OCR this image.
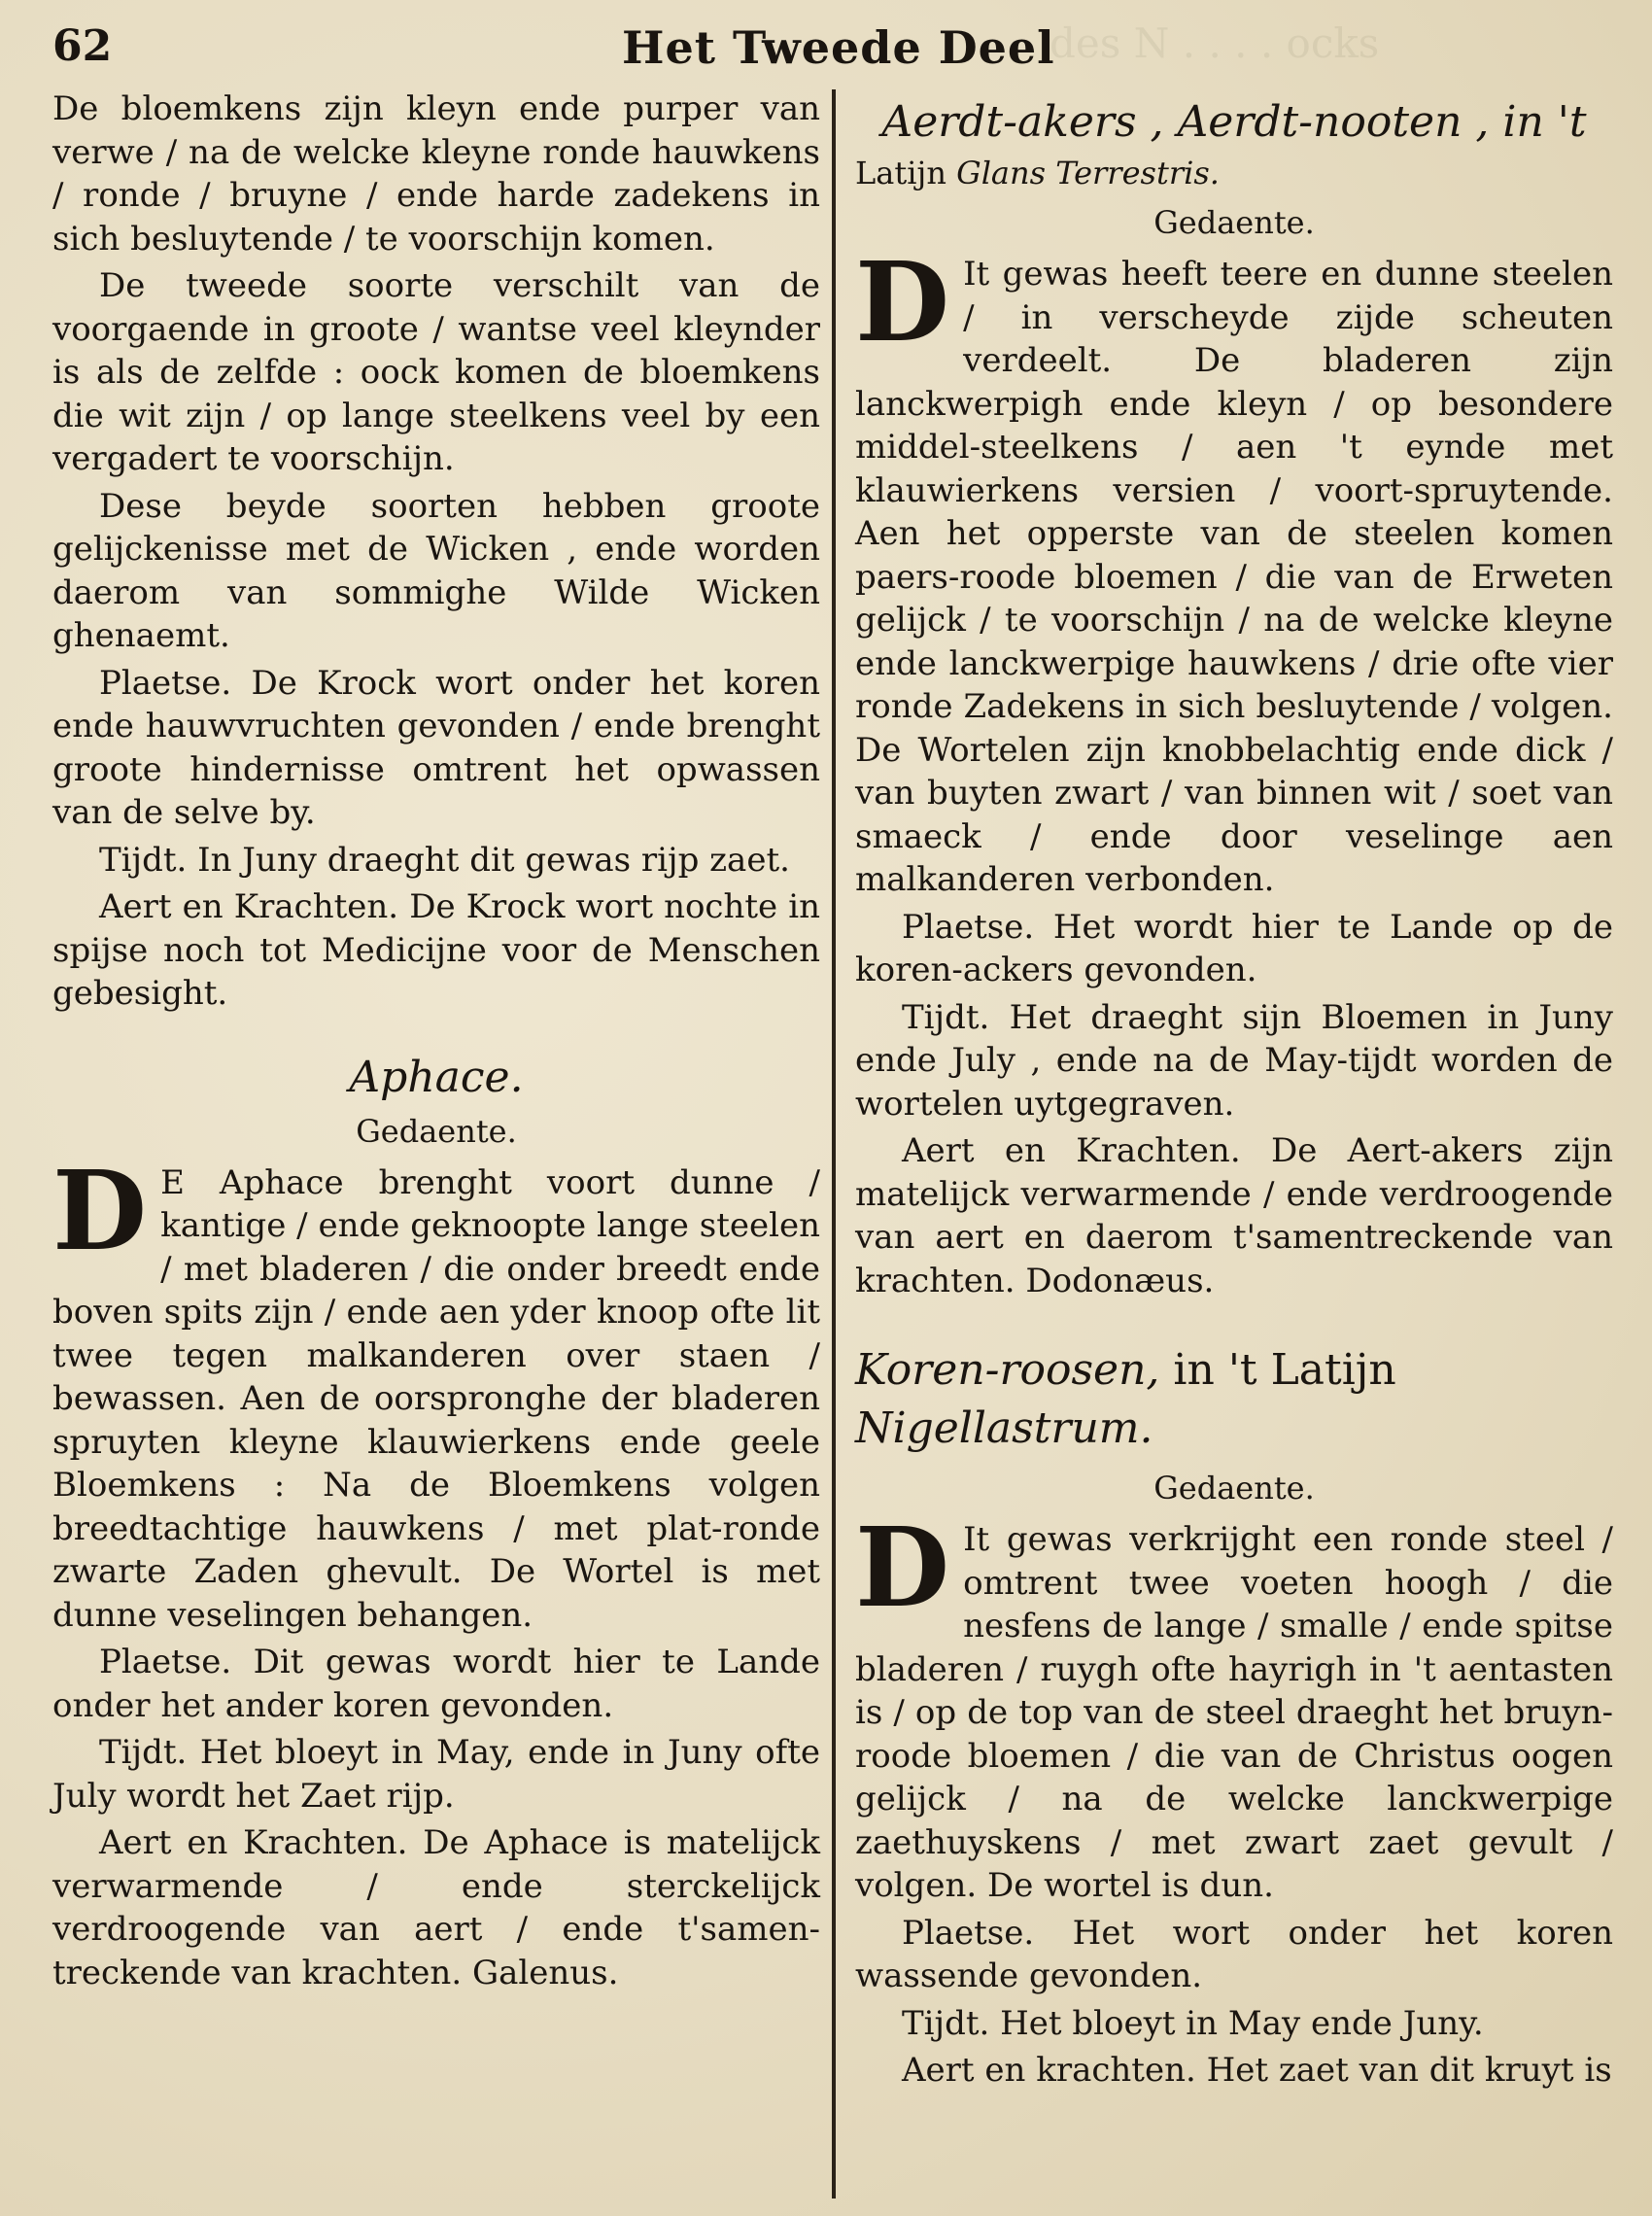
des N . . . . ocks
62	Het Tweede Deel

De bloemkens zijn kleyn ende purper van verwe / na de welcke kleyne ronde hauwkens / ronde / bruyne / ende harde zadekens in sich besluytende / te voorschijn komen.

De tweede soorte verschilt van de voorgaende in groote / wantse veel kleynder is als de zelfde : oock komen de bloemkens die wit zijn / op lange steelkens veel by een vergadert te voorschijn.

Dese beyde soorten hebben groote gelijckenisse met de Wicken , ende worden daerom van sommighe Wilde Wicken ghenaemt.

Plaetse. De Krock wort onder het koren ende hauwvruchten gevonden / ende brenght groote hindernisse omtrent het opwassen van de selve by.

Tijdt. In Juny draeght dit gewas rijp zaet.

Aert en Krachten. De Krock wort nochte in spijse noch tot Medicijne voor de Menschen gebesight.

Aphace.
Gedaente.
D E Aphace brenght voort dunne / kantige / ende geknoopte lange steelen / met bladeren / die onder breedt ende boven spits zijn / ende aen yder knoop ofte lit twee tegen malkanderen over staen / bewassen. Aen de oorspronghe der bladeren spruyten kleyne klauwierkens ende geele Bloemkens : Na de Bloemkens volgen breedtachtige hauwkens / met plat-ronde zwarte Zaden ghevult. De Wortel is met dunne veselingen behangen.

Plaetse. Dit gewas wordt hier te Lande onder het ander koren gevonden.

Tijdt. Het bloeyt in May, ende in Juny ofte July wordt het Zaet rijp.

Aert en Krachten. De Aphace is matelijck verwarmende / ende sterckelijck verdroogende van aert / ende t'samen-treckende van krachten. Galenus.

Aerdt-akers , Aerdt-nooten , in 't

Latijn Glans Terrestris.

Gedaente.
D It gewas heeft teere en dunne steelen / in verscheyde zijde scheuten verdeelt. De bladeren zijn lanckwerpigh ende kleyn / op besondere middel-steelkens / aen 't eynde met klauwierkens versien / voort-spruytende. Aen het opperste van de steelen komen paers-roode bloemen / die van de Erweten gelijck / te voorschijn / na de welcke kleyne ende lanckwerpige hauwkens / drie ofte vier ronde Zadekens in sich besluytende / volgen. De Wortelen zijn knobbelachtig ende dick / van buyten zwart / van binnen wit / soet van smaeck / ende door veselinge aen malkanderen verbonden.

Plaetse. Het wordt hier te Lande op de koren-ackers gevonden.

Tijdt. Het draeght sijn Bloemen in Juny ende July , ende na de May-tijdt worden de wortelen uytgegraven.

Aert en Krachten. De Aert-akers zijn matelijck verwarmende / ende verdroogende van aert en daerom t'samentreckende van krachten. Dodonæus.

Koren-roosen, in 't Latijn Nigellastrum.
Gedaente.
D It gewas verkrijght een ronde steel / omtrent twee voeten hoogh / die nesfens de lange / smalle / ende spitse bladeren / ruygh ofte hayrigh in 't aentasten is / op de top van de steel draeght het bruyn-roode bloemen / die van de Christus oogen gelijck / na de welcke lanckwerpige zaethuyskens / met zwart zaet gevult / volgen. De wortel is dun.

Plaetse. Het wort onder het koren wassende gevonden.

Tijdt. Het bloeyt in May ende Juny.

Aert en krachten. Het zaet van dit kruyt is
